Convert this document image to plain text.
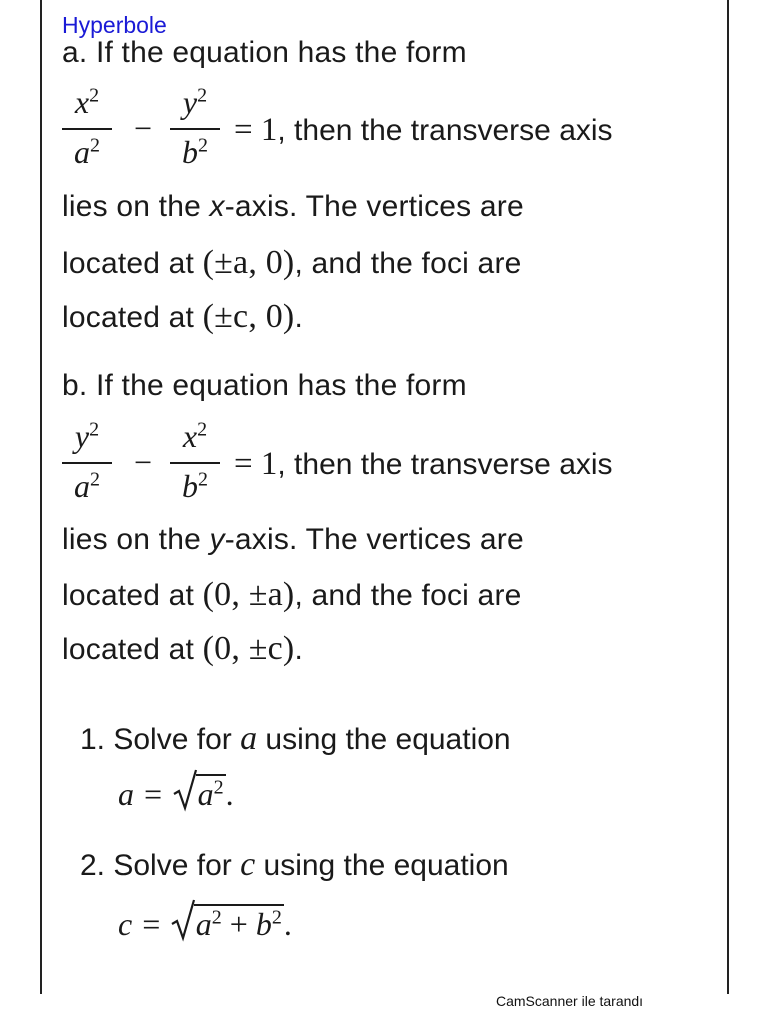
Hyperbole
a. If the equation has the form
$x^2$
$a^2$	−
$y^2$
$b^2 = 1$, then the transverse axis
lies on the x-axis. The vertices are
located at (±a, 0), and the foci are
located at (±c, 0).
b. If the equation has the form
$y^2$
$a^2$	−
$x^2$
$b^2 = 1$, then the transverse axis
lies on the y-axis. The vertices are
located at (0, ±a), and the foci are
located at (0, ±c).
1. Solve for a using the equation
a =
$a^2$.
2. Solve for c using the equation
c =
$a^2 + b^2$.
CamScanner ile tarandı
